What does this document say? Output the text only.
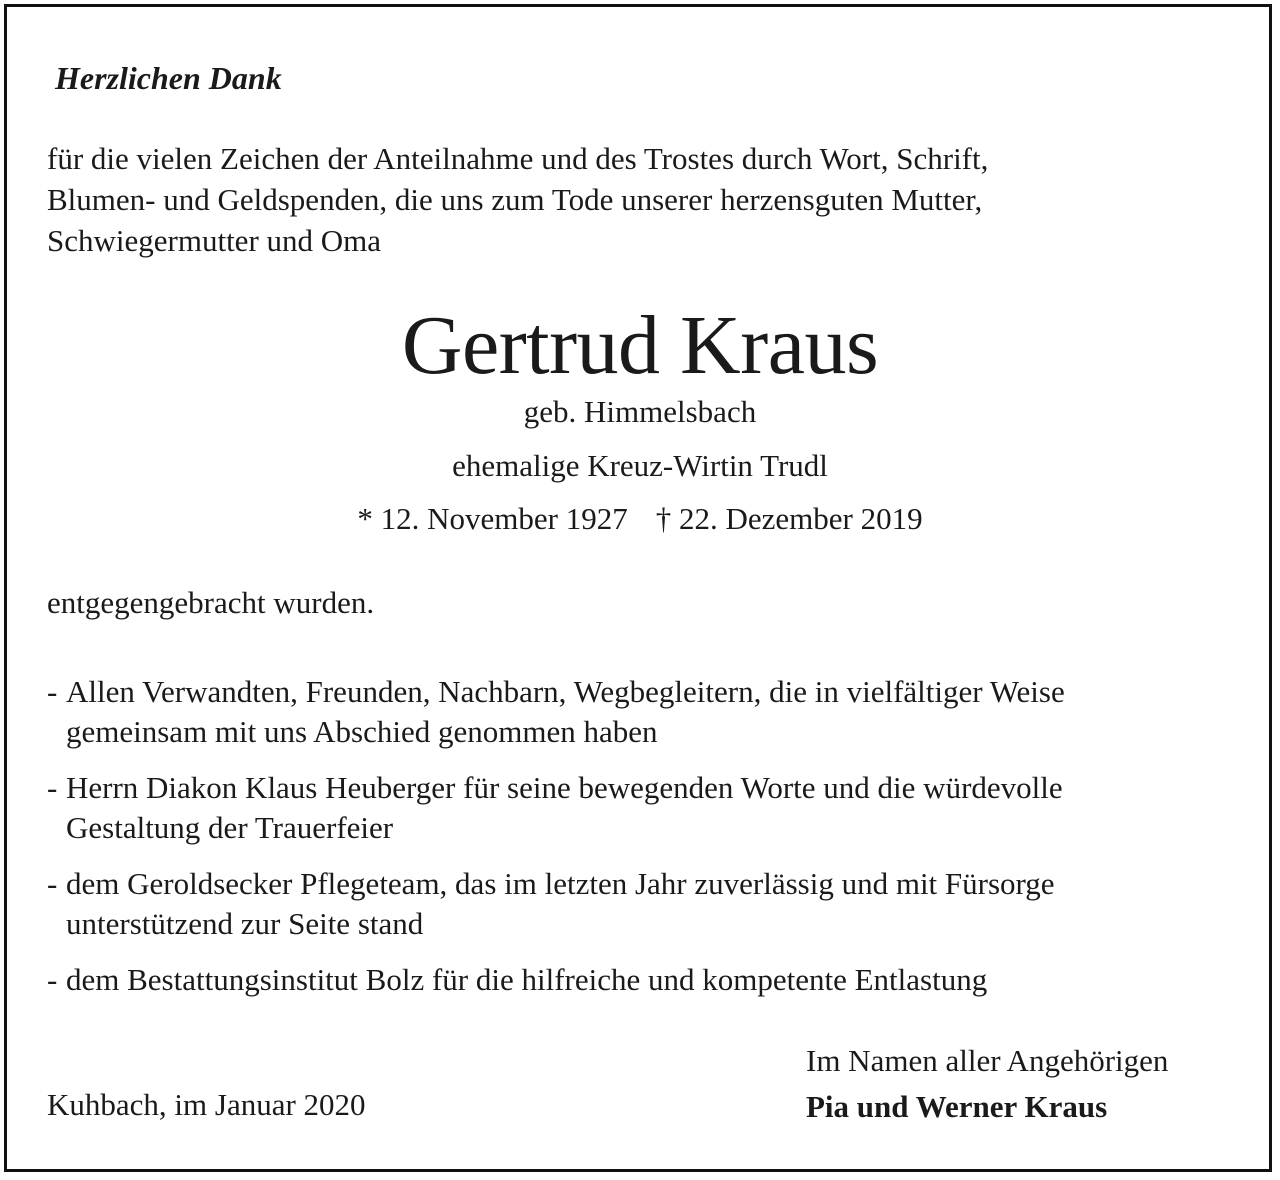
Herzlichen Dank
für die vielen Zeichen der Anteilnahme und des Trostes durch Wort, Schrift,
Blumen- und Geldspenden, die uns zum Tode unserer herzensguten Mutter,
Schwiegermutter und Oma
Gertrud Kraus
geb. Himmelsbach
ehemalige Kreuz-Wirtin Trudl
* 12. November 1927 † 22. Dezember 2019
entgegengebracht wurden.
- Allen Verwandten, Freunden, Nachbarn, Wegbegleitern, die in vielfältiger Weise
gemeinsam mit uns Abschied genommen haben
- Herrn Diakon Klaus Heuberger für seine bewegenden Worte und die würdevolle
Gestaltung der Trauerfeier
- dem Geroldsecker Pflegeteam, das im letzten Jahr zuverlässig und mit Fürsorge
unterstützend zur Seite stand
- dem Bestattungsinstitut Bolz für die hilfreiche und kompetente Entlastung
Kuhbach, im Januar 2020
Im Namen aller Angehörigen
Pia und Werner Kraus
